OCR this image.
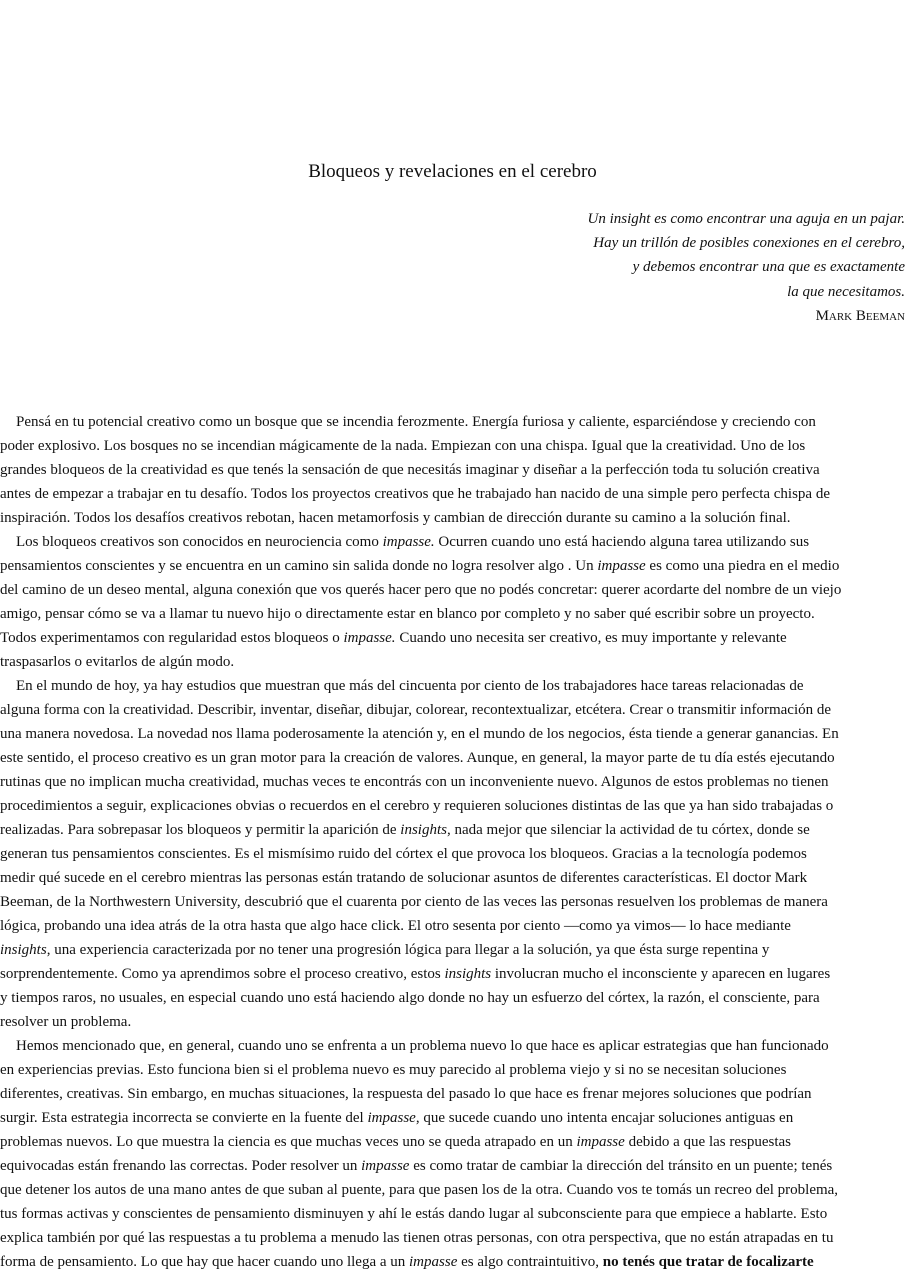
Bloqueos y revelaciones en el cerebro
Un insight es como encontrar una aguja en un pajar.
Hay un trillón de posibles conexiones en el cerebro,
y debemos encontrar una que es exactamente
la que necesitamos.
Mark Beeman
Pensá en tu potencial creativo como un bosque que se incendia ferozmente. Energía furiosa y caliente, esparciéndose y creciendo con
poder explosivo. Los bosques no se incendian mágicamente de la nada. Empiezan con una chispa. Igual que la creatividad. Uno de los
grandes bloqueos de la creatividad es que tenés la sensación de que necesitás imaginar y diseñar a la perfección toda tu solución creativa
antes de empezar a trabajar en tu desafío. Todos los proyectos creativos que he trabajado han nacido de una simple pero perfecta chispa de
inspiración. Todos los desafíos creativos rebotan, hacen metamorfosis y cambian de dirección durante su camino a la solución final.
Los bloqueos creativos son conocidos en neurociencia como impasse. Ocurren cuando uno está haciendo alguna tarea utilizando sus
pensamientos conscientes y se encuentra en un camino sin salida donde no logra resolver algo . Un impasse es como una piedra en el medio
del camino de un deseo mental, alguna conexión que vos querés hacer pero que no podés concretar: querer acordarte del nombre de un viejo
amigo, pensar cómo se va a llamar tu nuevo hijo o directamente estar en blanco por completo y no saber qué escribir sobre un proyecto.
Todos experimentamos con regularidad estos bloqueos o impasse. Cuando uno necesita ser creativo, es muy importante y relevante
traspasarlos o evitarlos de algún modo.
En el mundo de hoy, ya hay estudios que muestran que más del cincuenta por ciento de los trabajadores hace tareas relacionadas de
alguna forma con la creatividad. Describir, inventar, diseñar, dibujar, colorear, recontextualizar, etcétera. Crear o transmitir información de
una manera novedosa. La novedad nos llama poderosamente la atención y, en el mundo de los negocios, ésta tiende a generar ganancias. En
este sentido, el proceso creativo es un gran motor para la creación de valores. Aunque, en general, la mayor parte de tu día estés ejecutando
rutinas que no implican mucha creatividad, muchas veces te encontrás con un inconveniente nuevo. Algunos de estos problemas no tienen
procedimientos a seguir, explicaciones obvias o recuerdos en el cerebro y requieren soluciones distintas de las que ya han sido trabajadas o
realizadas. Para sobrepasar los bloqueos y permitir la aparición de insights, nada mejor que silenciar la actividad de tu córtex, donde se
generan tus pensamientos conscientes. Es el mismísimo ruido del córtex el que provoca los bloqueos. Gracias a la tecnología podemos
medir qué sucede en el cerebro mientras las personas están tratando de solucionar asuntos de diferentes características. El doctor Mark
Beeman, de la Northwestern University, descubrió que el cuarenta por ciento de las veces las personas resuelven los problemas de manera
lógica, probando una idea atrás de la otra hasta que algo hace click. El otro sesenta por ciento —como ya vimos— lo hace mediante
insights, una experiencia caracterizada por no tener una progresión lógica para llegar a la solución, ya que ésta surge repentina y
sorprendentemente. Como ya aprendimos sobre el proceso creativo, estos insights involucran mucho el inconsciente y aparecen en lugares
y tiempos raros, no usuales, en especial cuando uno está haciendo algo donde no hay un esfuerzo del córtex, la razón, el consciente, para
resolver un problema.
Hemos mencionado que, en general, cuando uno se enfrenta a un problema nuevo lo que hace es aplicar estrategias que han funcionado
en experiencias previas. Esto funciona bien si el problema nuevo es muy parecido al problema viejo y si no se necesitan soluciones
diferentes, creativas. Sin embargo, en muchas situaciones, la respuesta del pasado lo que hace es frenar mejores soluciones que podrían
surgir. Esta estrategia incorrecta se convierte en la fuente del impasse, que sucede cuando uno intenta encajar soluciones antiguas en
problemas nuevos. Lo que muestra la ciencia es que muchas veces uno se queda atrapado en un impasse debido a que las respuestas
equivocadas están frenando las correctas. Poder resolver un impasse es como tratar de cambiar la dirección del tránsito en un puente; tenés
que detener los autos de una mano antes de que suban al puente, para que pasen los de la otra. Cuando vos te tomás un recreo del problema,
tus formas activas y conscientes de pensamiento disminuyen y ahí le estás dando lugar al subconsciente para que empiece a hablarte. Esto
explica también por qué las respuestas a tu problema a menudo las tienen otras personas, con otra perspectiva, que no están atrapadas en tu
forma de pensamiento. Lo que hay que hacer cuando uno llega a un impasse es algo contraintuitivo, no tenés que tratar de focalizarte
